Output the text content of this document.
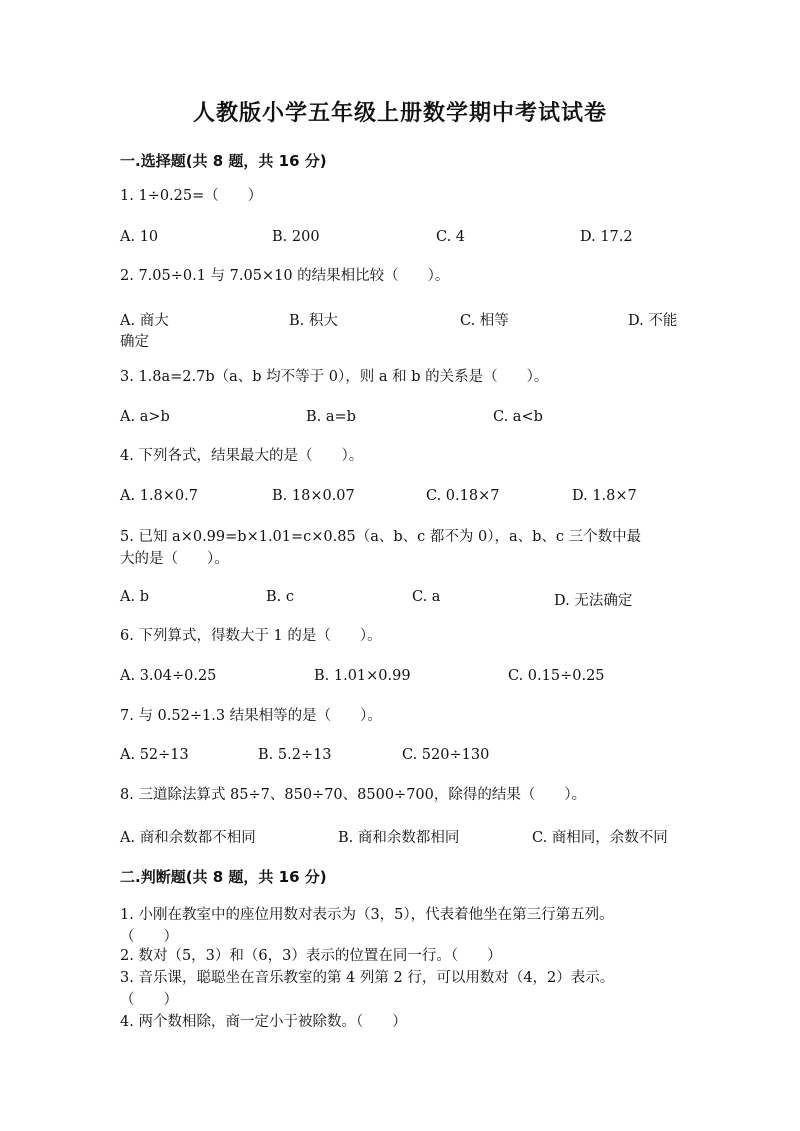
人教版小学五年级上册数学期中考试试卷
一.选择题(共 8 题，共 16 分)
1. 1÷0.25=（　　）
A. 10	B. 200	C. 4	D. 17.2
2. 7.05÷0.1 与 7.05×10 的结果相比较（　　）。
A. 商大	B. 积大	C. 相等	D. 不能
确定
3. 1.8a=2.7b（a、b 均不等于 0），则 a 和 b 的关系是（　　）。
A. a>b	B. a=b	C. a<b
4. 下列各式，结果最大的是（　　）。
A. 1.8×0.7	B. 18×0.07	C. 0.18×7	D. 1.8×7
5. 已知 a×0.99=b×1.01=c×0.85（a、b、c 都不为 0），a、b、c 三个数中最
大的是（　　）。
A. b	B. c	C. a	D. 无法确定
6. 下列算式，得数大于 1 的是（　　）。
A. 3.04÷0.25	B. 1.01×0.99	C. 0.15÷0.25
7. 与 0.52÷1.3 结果相等的是（　　）。
A. 52÷13	B. 5.2÷13	C. 520÷130
8. 三道除法算式 85÷7、850÷70、8500÷700，除得的结果（　　）。
A. 商和余数都不相同	B. 商和余数都相同	C. 商相同，余数不同
二.判断题(共 8 题，共 16 分)
1. 小刚在教室中的座位用数对表示为（3，5），代表着他坐在第三行第五列。
（　　）
2. 数对（5，3）和（6，3）表示的位置在同一行。（　　）
3. 音乐课，聪聪坐在音乐教室的第 4 列第 2 行，可以用数对（4，2）表示。
（　　）
4. 两个数相除，商一定小于被除数。（　　）
